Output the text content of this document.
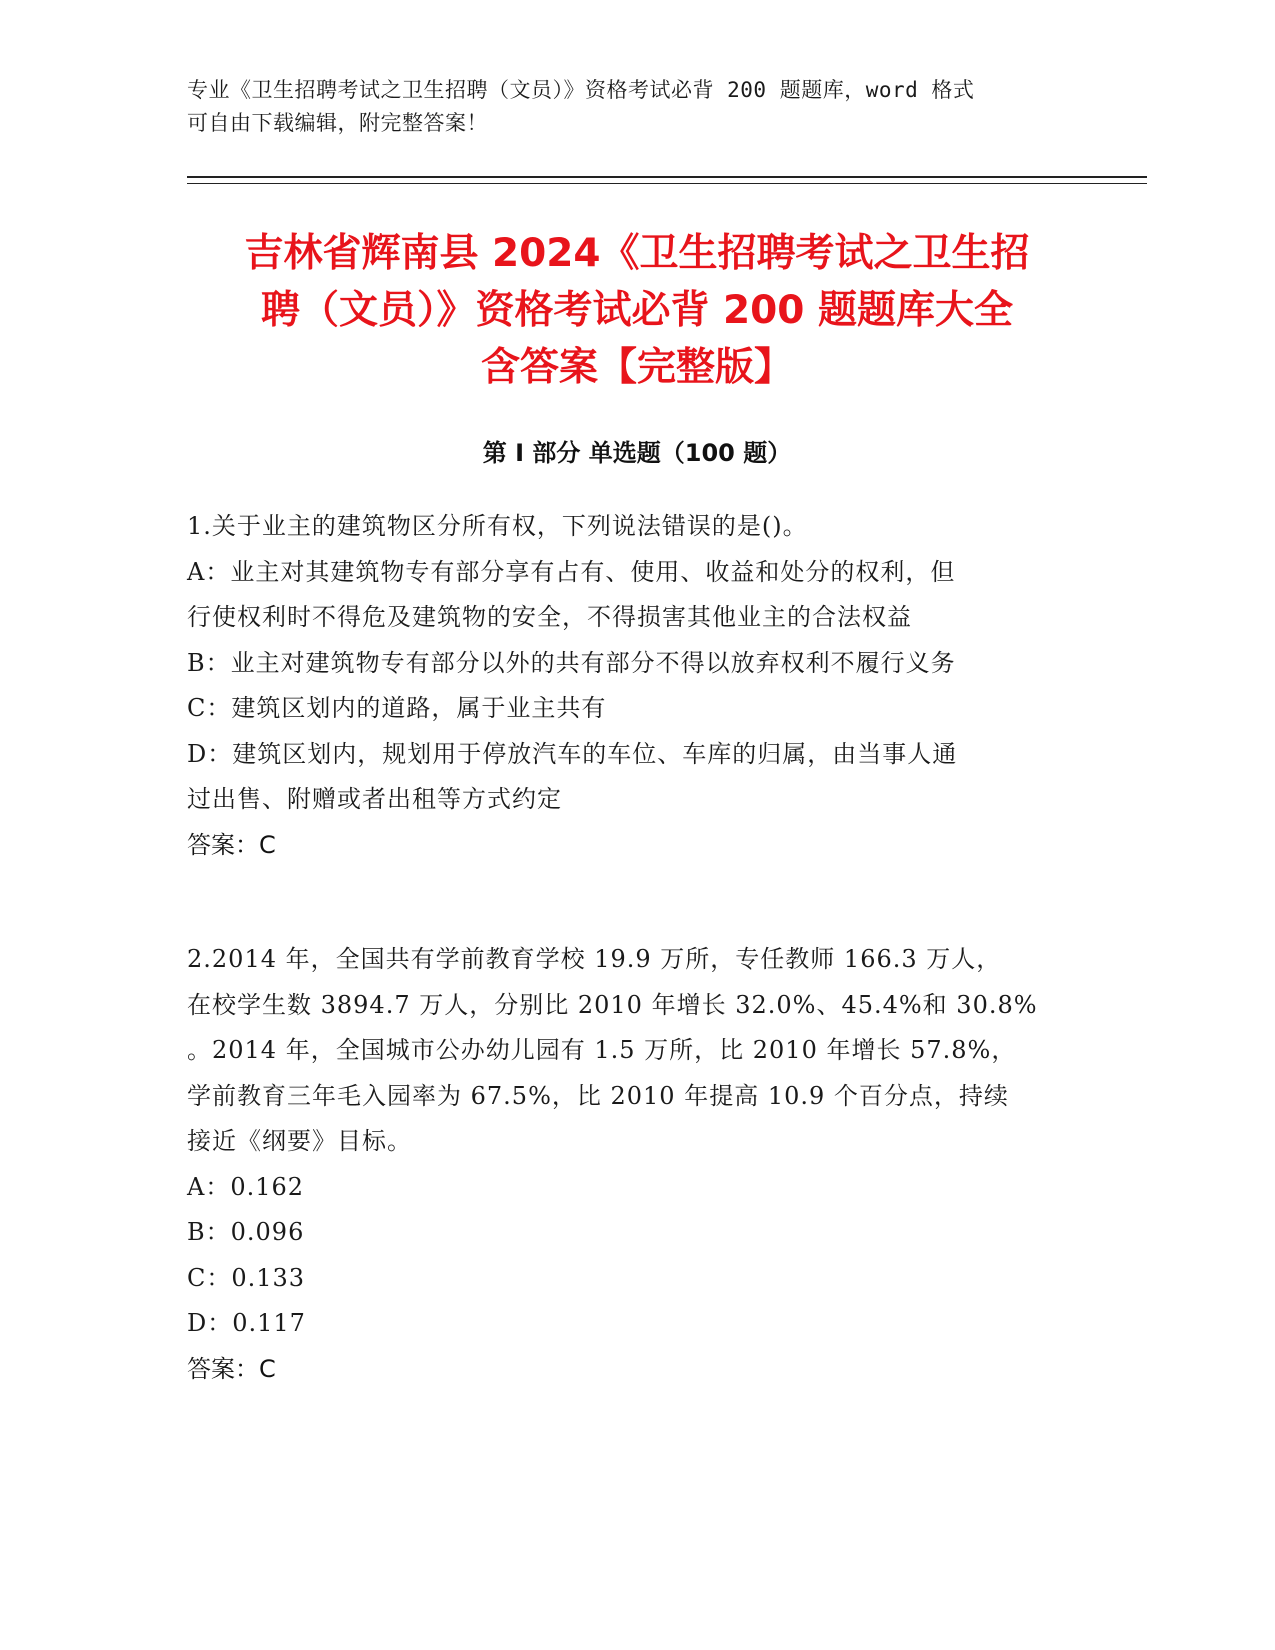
专业《卫生招聘考试之卫生招聘（文员）》资格考试必背 200 题题库，word 格式
可自由下载编辑，附完整答案！
吉林省辉南县 2024《卫生招聘考试之卫生招
聘（文员）》资格考试必背 200 题题库大全
含答案【完整版】
第 I 部分 单选题（100 题）
1.关于业主的建筑物区分所有权，下列说法错误的是()。
A：业主对其建筑物专有部分享有占有、使用、收益和处分的权利，但
行使权利时不得危及建筑物的安全，不得损害其他业主的合法权益
B：业主对建筑物专有部分以外的共有部分不得以放弃权利不履行义务
C：建筑区划内的道路，属于业主共有
D：建筑区划内，规划用于停放汽车的车位、车库的归属，由当事人通
过出售、附赠或者出租等方式约定
答案：C
2.2014 年，全国共有学前教育学校 19.9 万所，专任教师 166.3 万人，
在校学生数 3894.7 万人，分别比 2010 年增长 32.0%、45.4%和 30.8%
。2014 年，全国城市公办幼儿园有 1.5 万所，比 2010 年增长 57.8%，
学前教育三年毛入园率为 67.5%，比 2010 年提高 10.9 个百分点，持续
接近《纲要》目标。
A：0.162
B：0.096
C：0.133
D：0.117
答案：C
